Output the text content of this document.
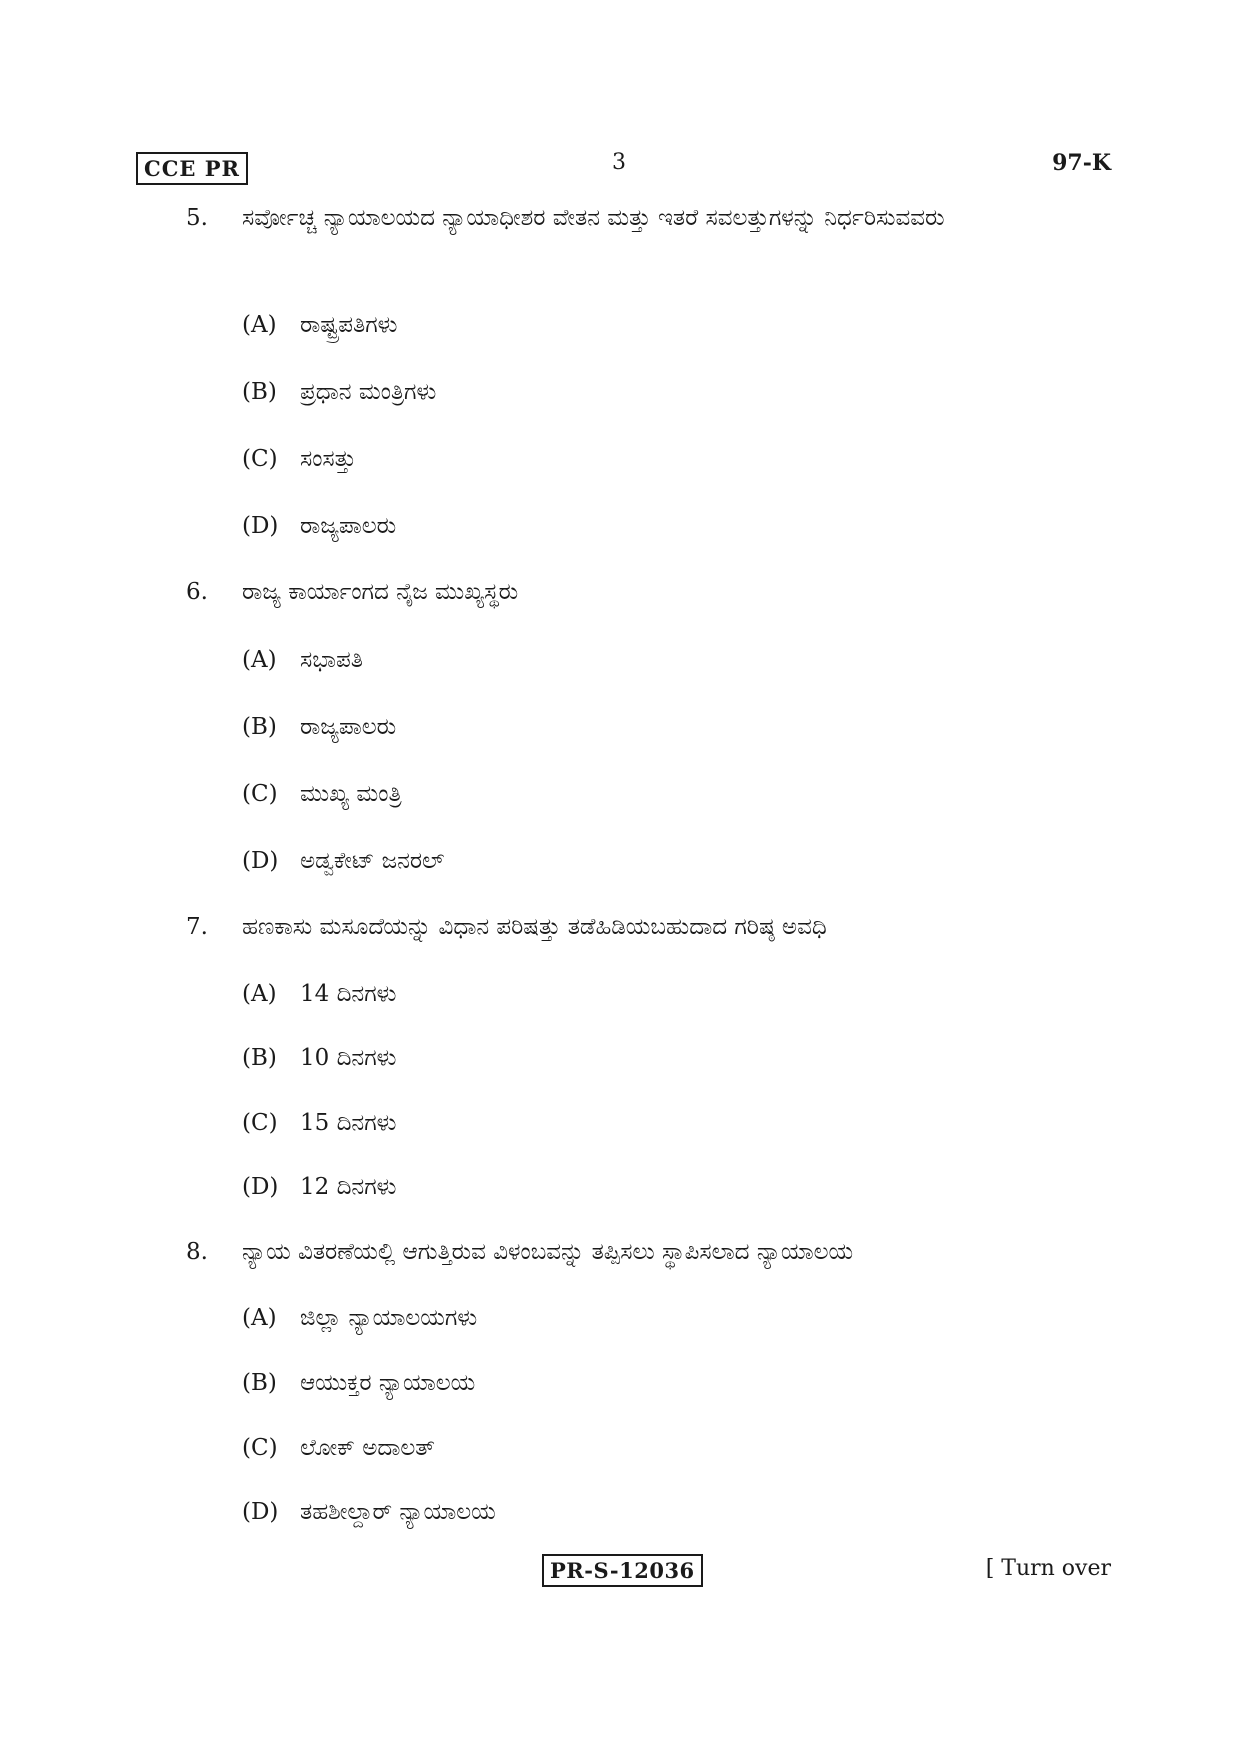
CCE PR	3	97-K
5.	ಸರ್ವೋಚ್ಚ ನ್ಯಾಯಾಲಯದ ನ್ಯಾಯಾಧೀಶರ ವೇತನ ಮತ್ತು ಇತರೆ ಸವಲತ್ತುಗಳನ್ನು ನಿರ್ಧರಿಸುವವರು
(A) ರಾಷ್ಟ್ರಪತಿಗಳು
(B) ಪ್ರಧಾನ ಮಂತ್ರಿಗಳು
(C) ಸಂಸತ್ತು
(D) ರಾಜ್ಯಪಾಲರು
6.	ರಾಜ್ಯ ಕಾರ್ಯಾಂಗದ ನೈಜ ಮುಖ್ಯಸ್ಥರು
(A) ಸಭಾಪತಿ
(B) ರಾಜ್ಯಪಾಲರು
(C) ಮುಖ್ಯ ಮಂತ್ರಿ
(D) ಅಡ್ವಕೇಟ್ ಜನರಲ್
7.	ಹಣಕಾಸು ಮಸೂದೆಯನ್ನು ವಿಧಾನ ಪರಿಷತ್ತು ತಡೆಹಿಡಿಯಬಹುದಾದ ಗರಿಷ್ಠ ಅವಧಿ
(A) 14 ದಿನಗಳು
(B) 10 ದಿನಗಳು
(C) 15 ದಿನಗಳು
(D) 12 ದಿನಗಳು
8.	ನ್ಯಾಯ ವಿತರಣೆಯಲ್ಲಿ ಆಗುತ್ತಿರುವ ವಿಳಂಬವನ್ನು ತಪ್ಪಿಸಲು ಸ್ಥಾಪಿಸಲಾದ ನ್ಯಾಯಾಲಯ
(A) ಜಿಲ್ಲಾ ನ್ಯಾಯಾಲಯಗಳು
(B) ಆಯುಕ್ತರ ನ್ಯಾಯಾಲಯ
(C) ಲೋಕ್ ಅದಾಲತ್
(D) ತಹಶೀಲ್ದಾರ್ ನ್ಯಾಯಾಲಯ
PR-S-12036	[ Turn over
